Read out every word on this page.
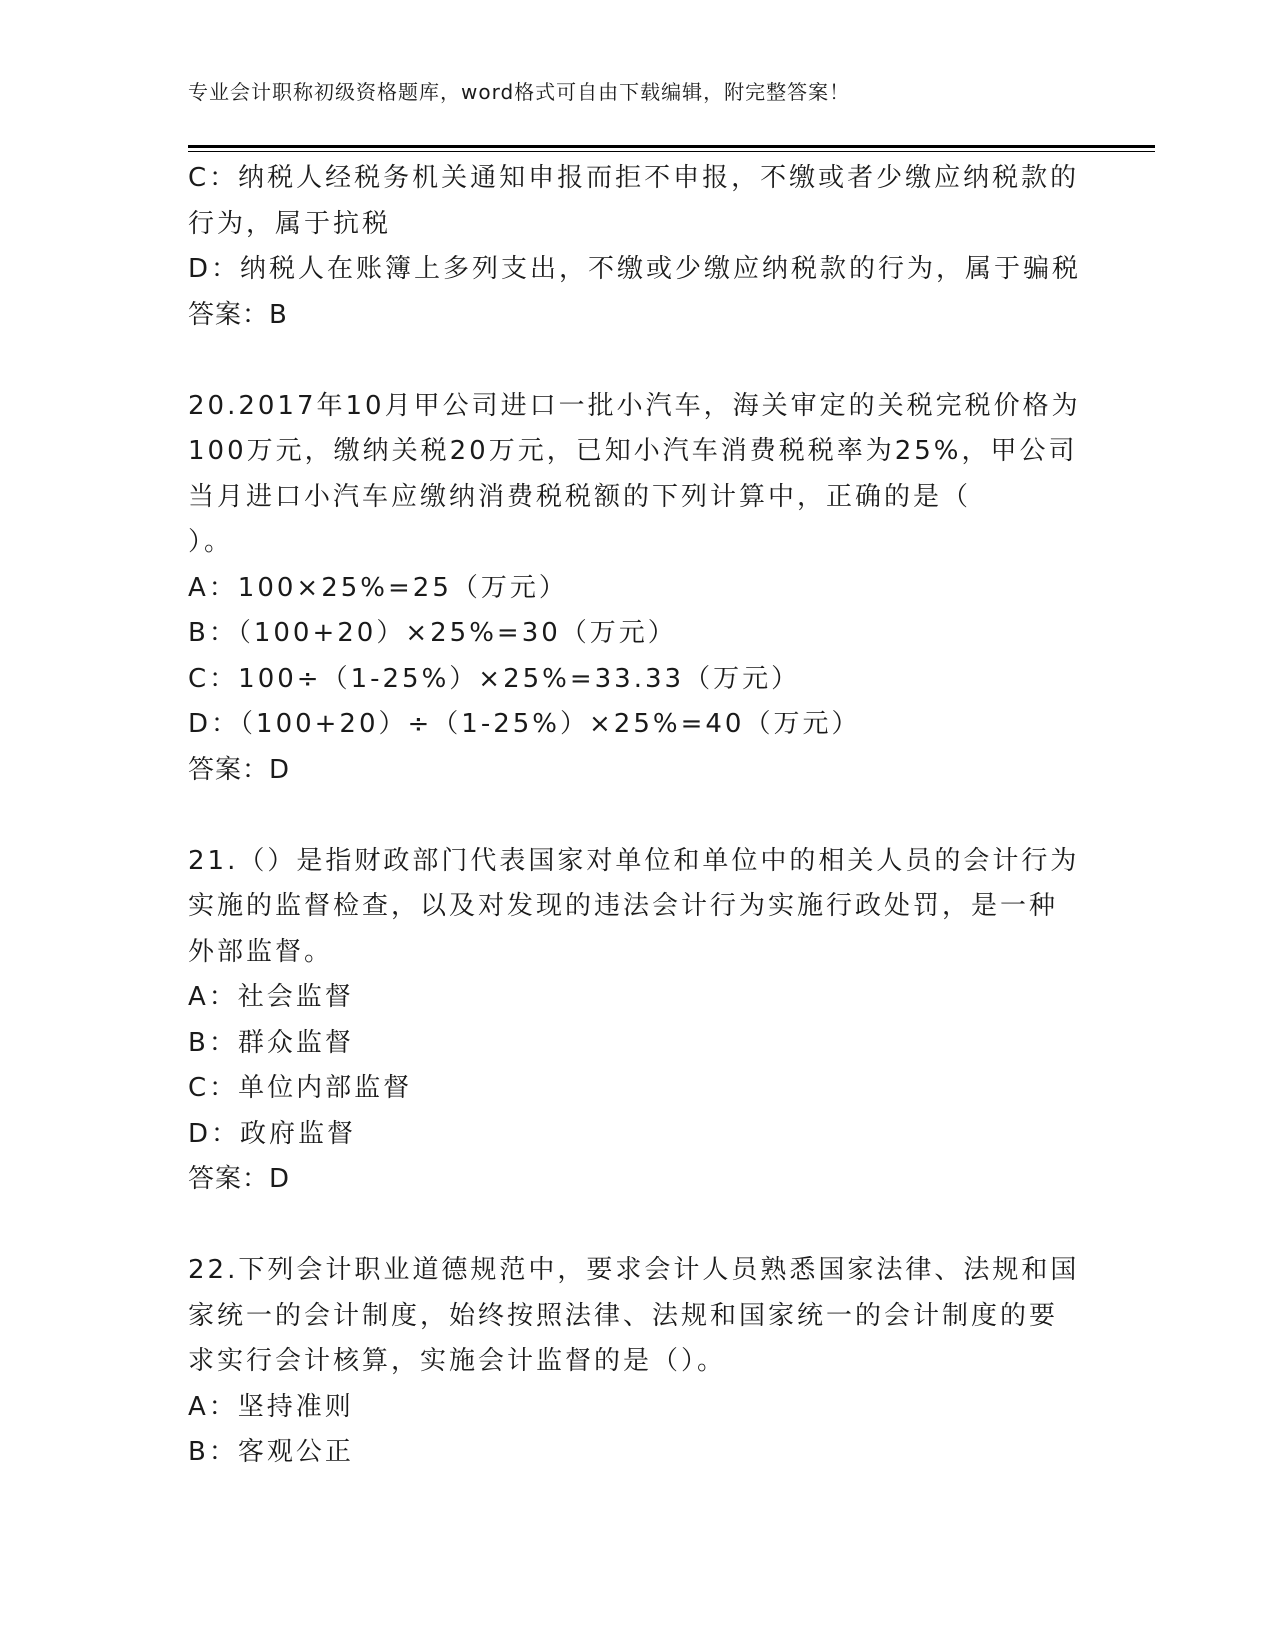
专业会计职称初级资格题库，word格式可自由下载编辑，附完整答案！
C：纳税人经税务机关通知申报而拒不申报，不缴或者少缴应纳税款的
行为，属于抗税
D：纳税人在账簿上多列支出，不缴或少缴应纳税款的行为，属于骗税
答案：B
20.2017年10月甲公司进口一批小汽车，海关审定的关税完税价格为
100万元，缴纳关税20万元，已知小汽车消费税税率为25%，甲公司
当月进口小汽车应缴纳消费税税额的下列计算中，正确的是（
）。
A：100×25%=25（万元）
B：（100+20）×25%=30（万元）
C：100÷（1-25%）×25%=33.33（万元）
D：（100+20）÷（1-25%）×25%=40（万元）
答案：D
21.（）是指财政部门代表国家对单位和单位中的相关人员的会计行为
实施的监督检查，以及对发现的违法会计行为实施行政处罚，是一种
外部监督。
A：社会监督
B：群众监督
C：单位内部监督
D：政府监督
答案：D
22.下列会计职业道德规范中，要求会计人员熟悉国家法律、法规和国
家统一的会计制度，始终按照法律、法规和国家统一的会计制度的要
求实行会计核算，实施会计监督的是（）。
A：坚持准则
B：客观公正
